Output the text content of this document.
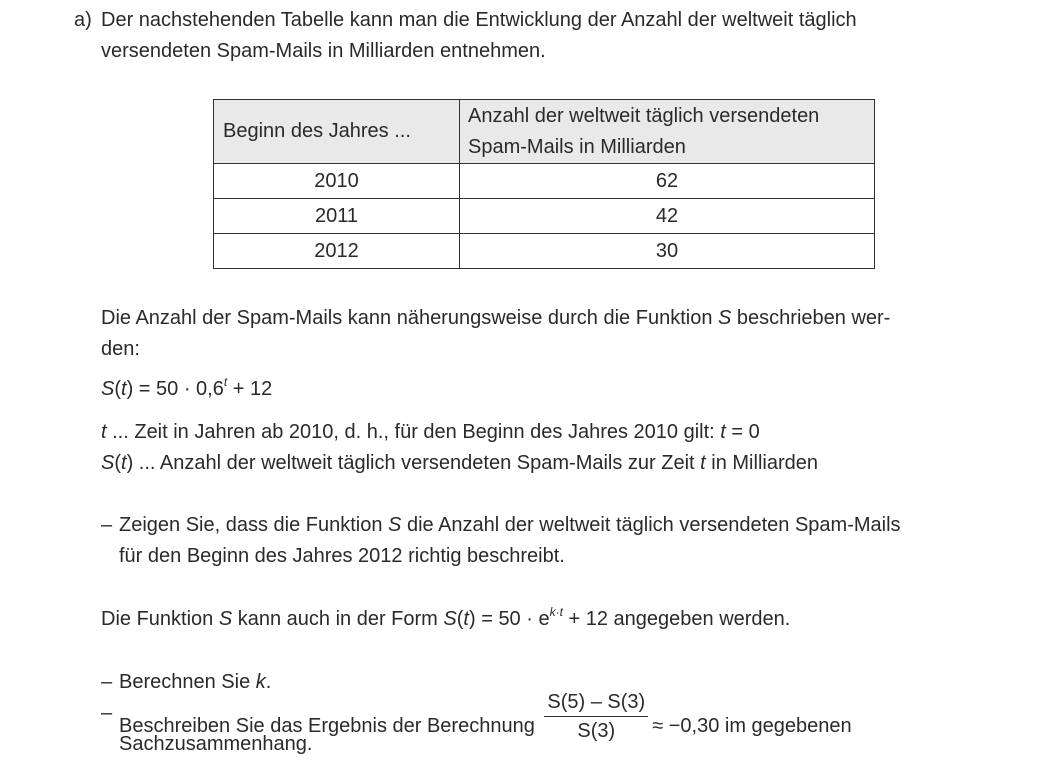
a) Der nachstehenden Tabelle kann man die Entwicklung der Anzahl der weltweit täglich
versendeten Spam-Mails in Milliarden entnehmen.
Beginn des Jahres ...	Anzahl der weltweit täglich versendeten
Spam-Mails in Milliarden

2010	62
2011	42
2012	30
Die Anzahl der Spam-Mails kann näherungsweise durch die Funktion S beschrieben wer-
den:
$S(t) = 50 \cdot 0,6^t + 12$
t ... Zeit in Jahren ab 2010, d. h., für den Beginn des Jahres 2010 gilt: t = 0
S(t) ... Anzahl der weltweit täglich versendeten Spam-Mails zur Zeit t in Milliarden
– Zeigen Sie, dass die Funktion S die Anzahl der weltweit täglich versendeten Spam-Mails
für den Beginn des Jahres 2012 richtig beschreibt.
Die Funktion S kann auch in der Form $S(t) = 50 \cdot e^{k\cdot t} + 12$ angegeben werden.
– Berechnen Sie k.
–
Beschreiben Sie das Ergebnis der Berechnung $\frac{S(5) - S(3)}{S(3)} \approx -0,30$ im gegebenen
Sachzusammenhang.
